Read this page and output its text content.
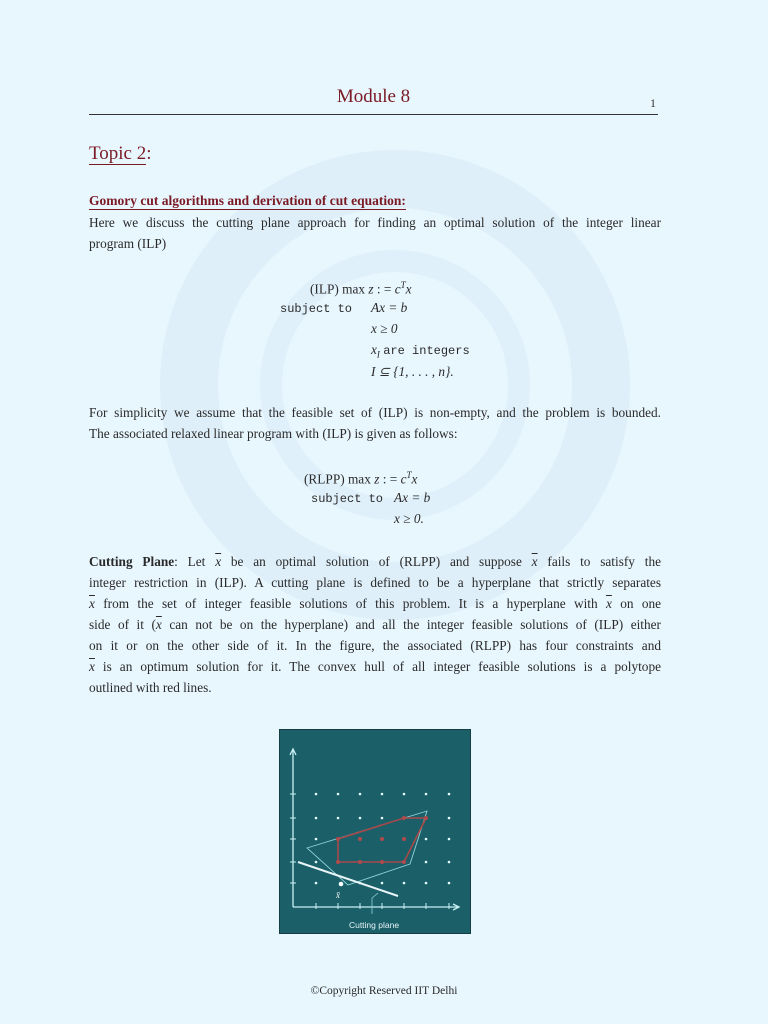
Module 8	1
Topic 2:
Gomory cut algorithms and derivation of cut equation:
Here we discuss the cutting plane approach for finding an optimal solution of the integer linear
program (ILP)
(ILP) max z : = $c^Tx$
subject to Ax = b
x ≥ 0
$x_I$ are integers
I ⊆ {1, . . . , n}.
For simplicity we assume that the feasible set of (ILP) is non-empty, and the problem is bounded.
The associated relaxed linear program with (ILP) is given as follows:
(RLPP) max z : = $c^Tx$
subject to Ax = b
x ≥ 0.
Cutting Plane: Let $\overline{x}$ be an optimal solution of (RLPP) and suppose $\overline{x}$ fails to satisfy the
integer restriction in (ILP). A cutting plane is defined to be a hyperplane that strictly separates
$\overline{x}$ from the set of integer feasible solutions of this problem. It is a hyperplane with $\overline{x}$ on one
side of it ($\overline{x}$ can not be on the hyperplane) and all the integer feasible solutions of (ILP) either
on it or on the other side of it. In the figure, the associated (RLPP) has four constraints and
$\overline{x}$ is an optimum solution for it. The convex hull of all integer feasible solutions is a polytope
outlined with red lines.
x̄
Cutting plane
©Copyright Reserved IIT Delhi
